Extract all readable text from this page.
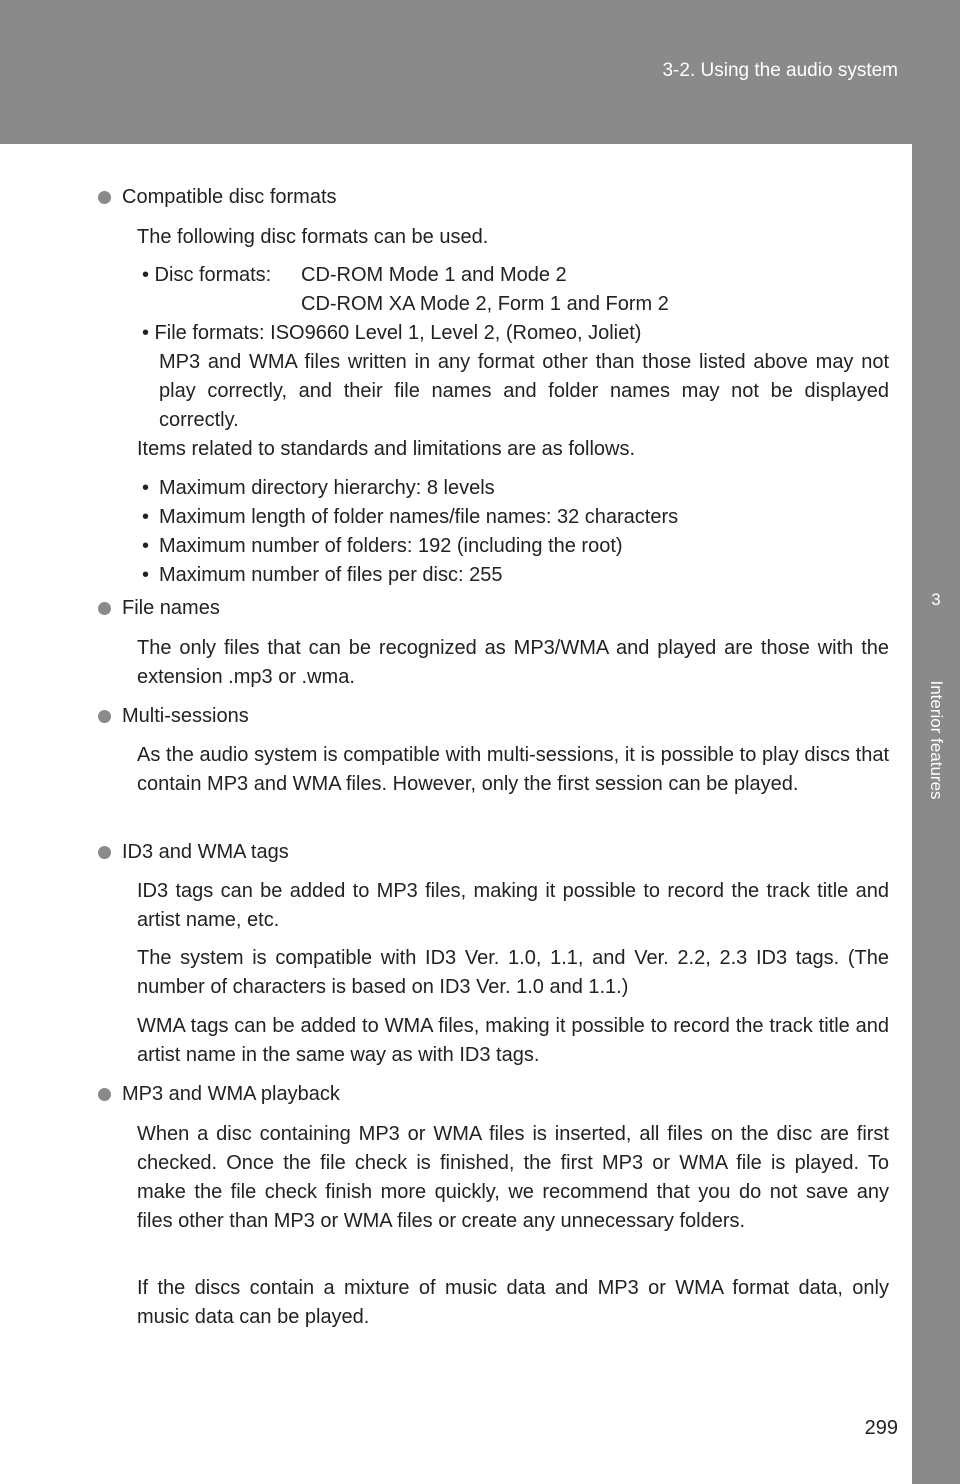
3-2. Using the audio system
3
Interior features
Compatible disc formats
The following disc formats can be used.
• Disc formats: CD-ROM Mode 1 and Mode 2
CD-ROM XA Mode 2, Form 1 and Form 2
• File formats: ISO9660 Level 1, Level 2, (Romeo, Joliet)
MP3 and WMA files written in any format other than those listed above may not play correctly, and their file names and folder names may not be displayed correctly.
Items related to standards and limitations are as follows.
• Maximum directory hierarchy: 8 levels
• Maximum length of folder names/file names: 32 characters
• Maximum number of folders: 192 (including the root)
• Maximum number of files per disc: 255
File names
The only files that can be recognized as MP3/WMA and played are those with the extension .mp3 or .wma.
Multi-sessions
As the audio system is compatible with multi-sessions, it is possible to play discs that contain MP3 and WMA files. However, only the first session can be played.
ID3 and WMA tags
ID3 tags can be added to MP3 files, making it possible to record the track title and artist name, etc.
The system is compatible with ID3 Ver. 1.0, 1.1, and Ver. 2.2, 2.3 ID3 tags. (The number of characters is based on ID3 Ver. 1.0 and 1.1.)
WMA tags can be added to WMA files, making it possible to record the track title and artist name in the same way as with ID3 tags.
MP3 and WMA playback
When a disc containing MP3 or WMA files is inserted, all files on the disc are first checked. Once the file check is finished, the first MP3 or WMA file is played. To make the file check finish more quickly, we recommend that you do not save any files other than MP3 or WMA files or create any unnecessary folders.
If the discs contain a mixture of music data and MP3 or WMA format data, only music data can be played.
299
